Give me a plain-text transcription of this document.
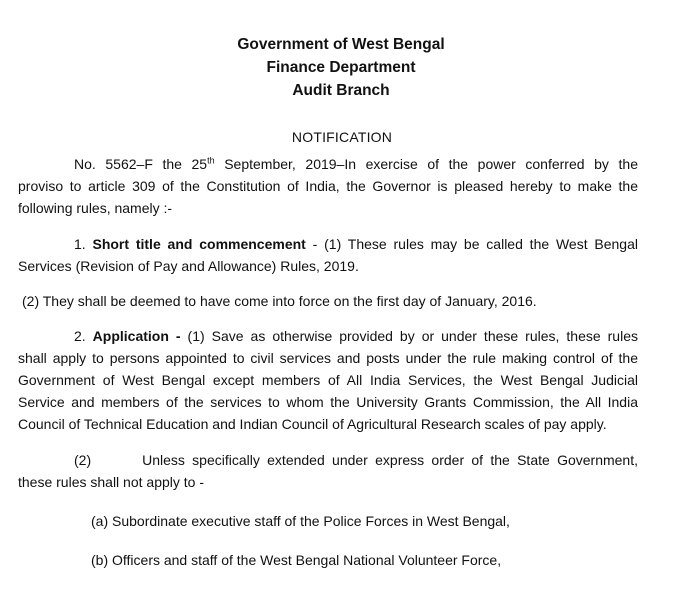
Government of West Bengal
Finance Department
Audit Branch
NOTIFICATION

No. 5562–F the 25th September, 2019–In exercise of the power conferred by the
proviso to article 309 of the Constitution of India, the Governor is pleased hereby to make the following rules, namely :-

1. Short title and commencement - (1) These rules may be called the West Bengal
Services (Revision of Pay and Allowance) Rules, 2019.

(2) They shall be deemed to have come into force on the first day of January, 2016.

2. Application - (1) Save as otherwise provided by or under these rules, these rules
shall apply to persons appointed to civil services and posts under the rule making control of the Government of West Bengal except members of All India Services, the West Bengal Judicial Service and members of the services to whom the University Grants Commission, the All India Council of Technical Education and Indian Council of Agricultural Research scales of pay apply.

(2)       Unless specifically extended under express order of the State Government,
these rules shall not apply to -

(a) Subordinate executive staff of the Police Forces in West Bengal,

(b) Officers and staff of the West Bengal National Volunteer Force,
